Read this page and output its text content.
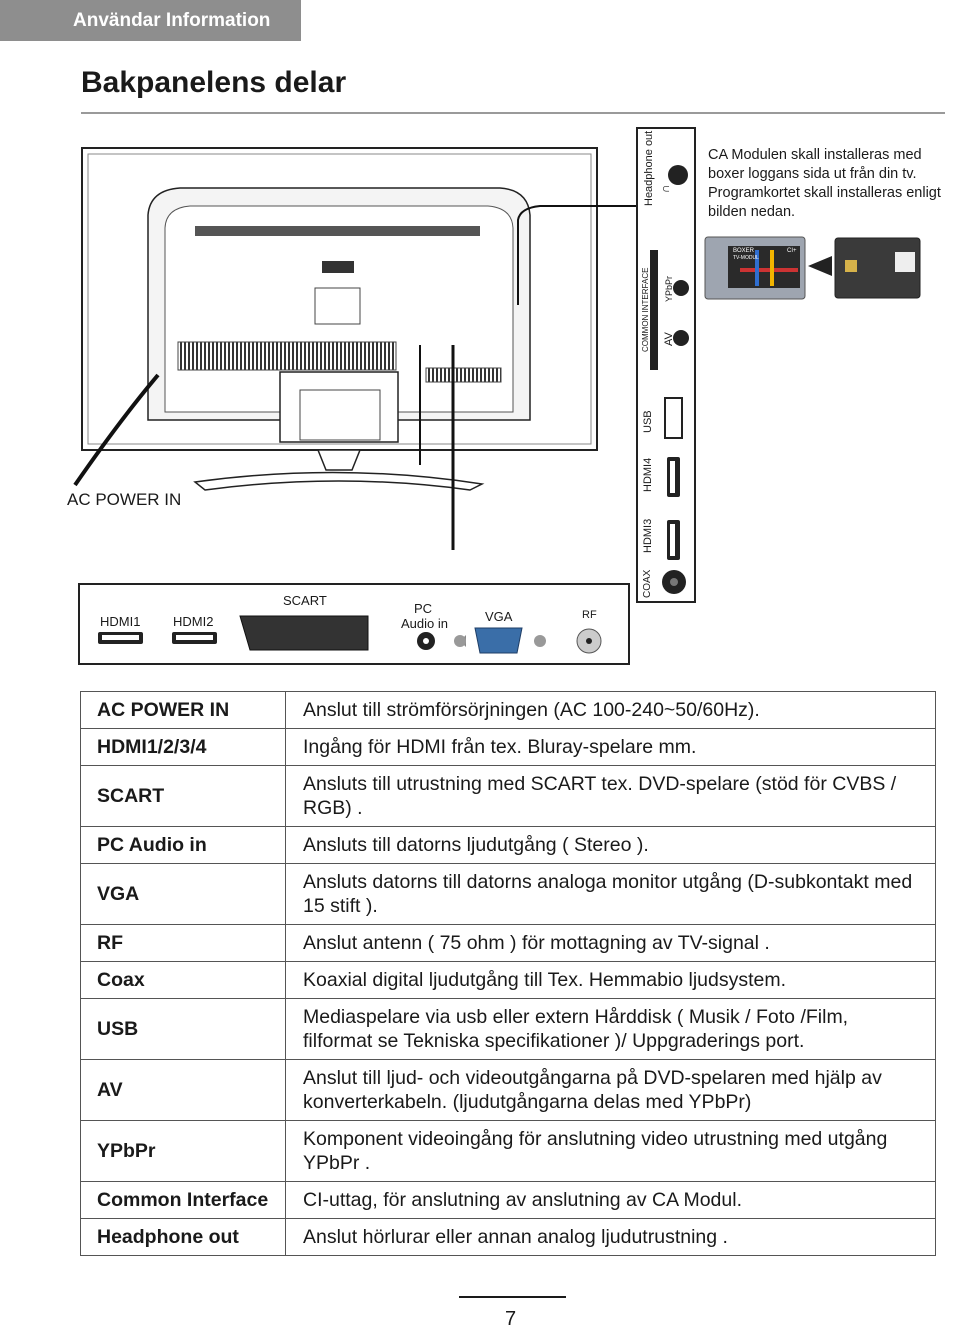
Användar Information
Bakpanelens delar
BOXER
TV-MODUL
CI+
AC POWER IN
CA Modulen skall installeras med boxer loggans sida ut från din tv. Programkortet skall installeras enligt bilden nedan.
HDMI1	HDMI2
SCART
PC
Audio in	VGA	RF
Headphone out ∩
COMMON INTERFACE YPbPr
AV
USB
HDMI4
HDMI3
COAX
AC POWER IN	Anslut till strömförsörjningen (AC 100-240~50/60Hz).
HDMI1/2/3/4	Ingång för HDMI från tex. Bluray-spelare mm.
SCART	Ansluts till utrustning med SCART tex. DVD-spelare (stöd för CVBS / RGB) .
PC Audio in	Ansluts till datorns ljudutgång ( Stereo ).
VGA	Ansluts datorns till datorns analoga monitor utgång (D-subkontakt med 15 stift ).
RF	Anslut antenn ( 75 ohm ) för mottagning av TV-signal .
Coax	Koaxial digital ljudutgång till Tex. Hemmabio ljudsystem.
USB	Mediaspelare via usb eller extern Hårddisk ( Musik / Foto /Film, filformat se Tekniska specifikationer )/ Uppgraderings port.
AV	Anslut till ljud- och videoutgångarna på DVD-spelaren med hjälp av konverterkabeln. (ljudutgångarna delas med YPbPr)
YPbPr	Komponent videoingång för anslutning video utrustning med utgång YPbPr .
Common Interface	CI-uttag, för anslutning av anslutning av CA Modul.
Headphone out	Anslut hörlurar eller annan analog ljudutrustning .
7
